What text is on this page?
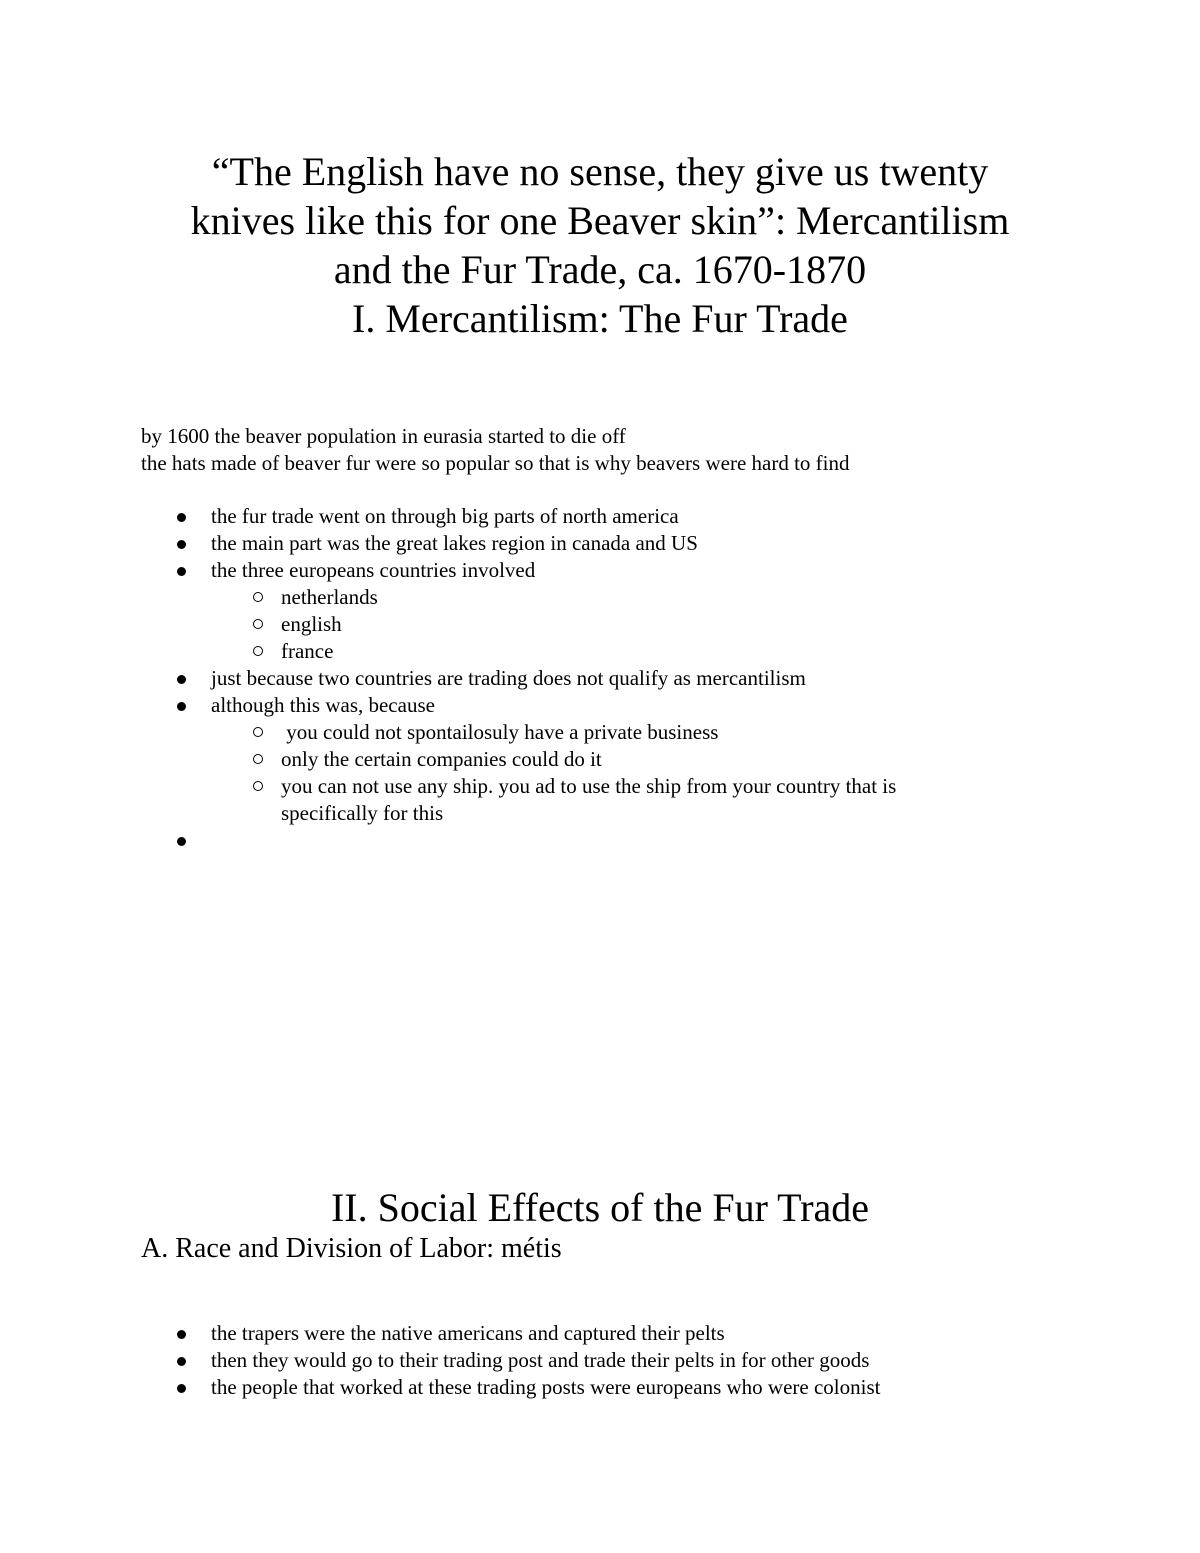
“The English have no sense, they give us twenty
knives like this for one Beaver skin”: Mercantilism
and the Fur Trade, ca. 1670-1870
I. Mercantilism: The Fur Trade

by 1600 the beaver population in eurasia started to die off

the hats made of beaver fur were so popular so that is why beavers were hard to find

the fur trade went on through big parts of north america
the main part was the great lakes region in canada and US
the three europeans countries involved
netherlands
english
france
just because two countries are trading does not qualify as mercantilism
although this was, because
you could not spontailosuly have a private business
only the certain companies could do it
you can not use any ship. you ad to use the ship from your country that is specifically for this
II. Social Effects of the Fur Trade
A. Race and Division of Labor: métis
the trapers were the native americans and captured their pelts
then they would go to their trading post and trade their pelts in for other goods
the people that worked at these trading posts were europeans who were colonist
